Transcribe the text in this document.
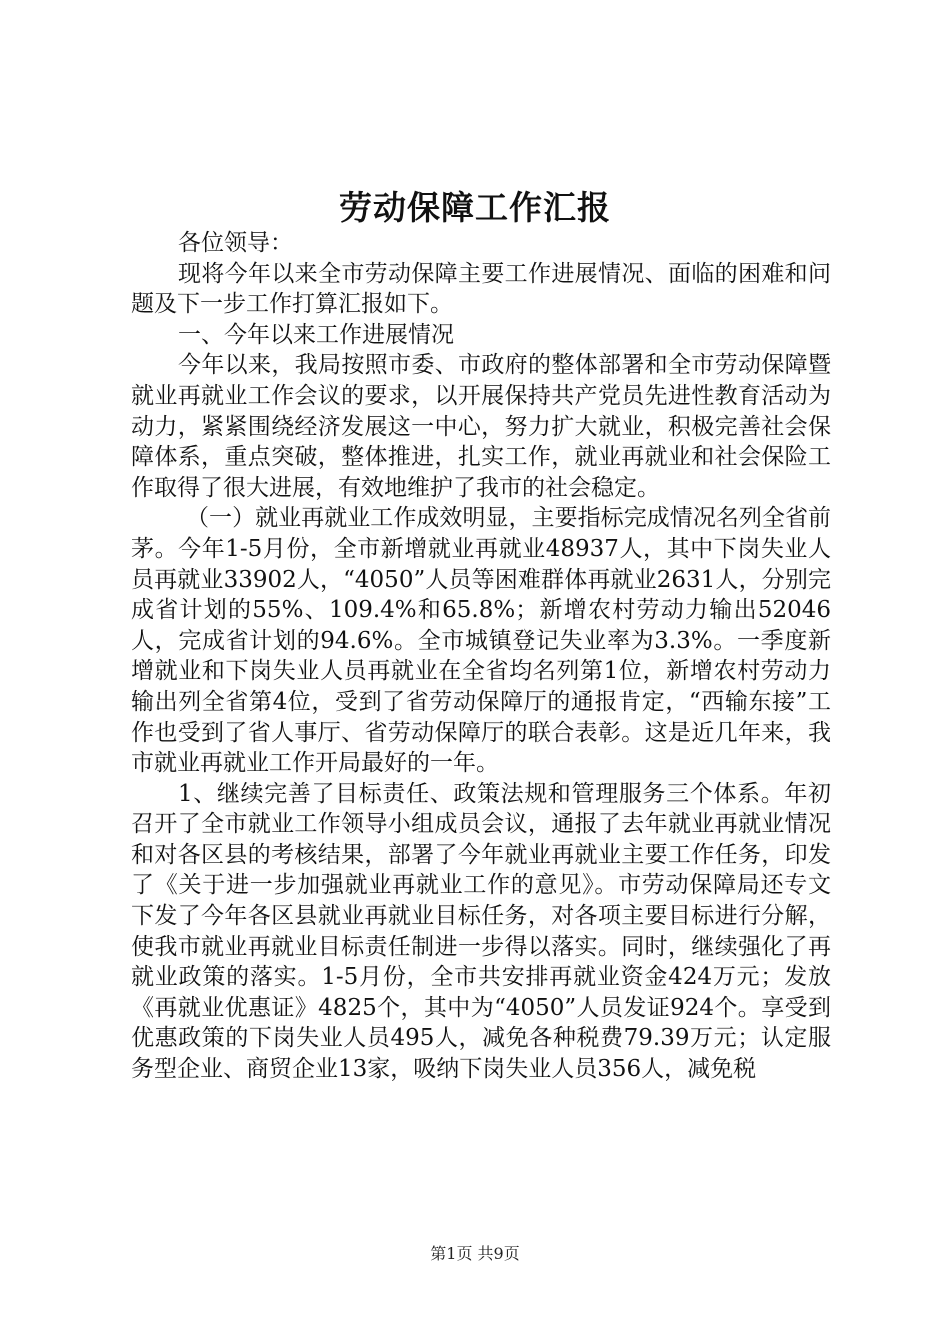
劳动保障工作汇报

各位领导：

现将今年以来全市劳动保障主要工作进展情况、面临的困难和问题及下一步工作打算汇报如下。

一、今年以来工作进展情况

今年以来，我局按照市委、市政府的整体部署和全市劳动保障暨就业再就业工作会议的要求，以开展保持共产党员先进性教育活动为动力，紧紧围绕经济发展这一中心，努力扩大就业，积极完善社会保障体系，重点突破，整体推进，扎实工作，就业再就业和社会保险工作取得了很大进展，有效地维护了我市的社会稳定。

（一）就业再就业工作成效明显，主要指标完成情况名列全省前茅。今年1-5月份，全市新增就业再就业48937人，其中下岗失业人员再就业33902人，“4050”人员等困难群体再就业2631人，分别完成省计划的55%、109.4%和65.8%；新增农村劳动力输出52046人，完成省计划的94.6%。全市城镇登记失业率为3.3%。一季度新增就业和下岗失业人员再就业在全省均名列第1位，新增农村劳动力输出列全省第4位，受到了省劳动保障厅的通报肯定，“西输东接”工作也受到了省人事厅、省劳动保障厅的联合表彰。这是近几年来，我市就业再就业工作开局最好的一年。

1、继续完善了目标责任、政策法规和管理服务三个体系。年初召开了全市就业工作领导小组成员会议，通报了去年就业再就业情况和对各区县的考核结果，部署了今年就业再就业主要工作任务，印发了《关于进一步加强就业再就业工作的意见》。市劳动保障局还专文下发了今年各区县就业再就业目标任务，对各项主要目标进行分解，使我市就业再就业目标责任制进一步得以落实。同时，继续强化了再就业政策的落实。1-5月份，全市共安排再就业资金424万元；发放《再就业优惠证》4825个，其中为“4050”人员发证924个。享受到优惠政策的下岗失业人员495人，减免各种税费79.39万元；认定服务型企业、商贸企业13家，吸纳下岗失业人员356人，减免税

第1页 共9页
